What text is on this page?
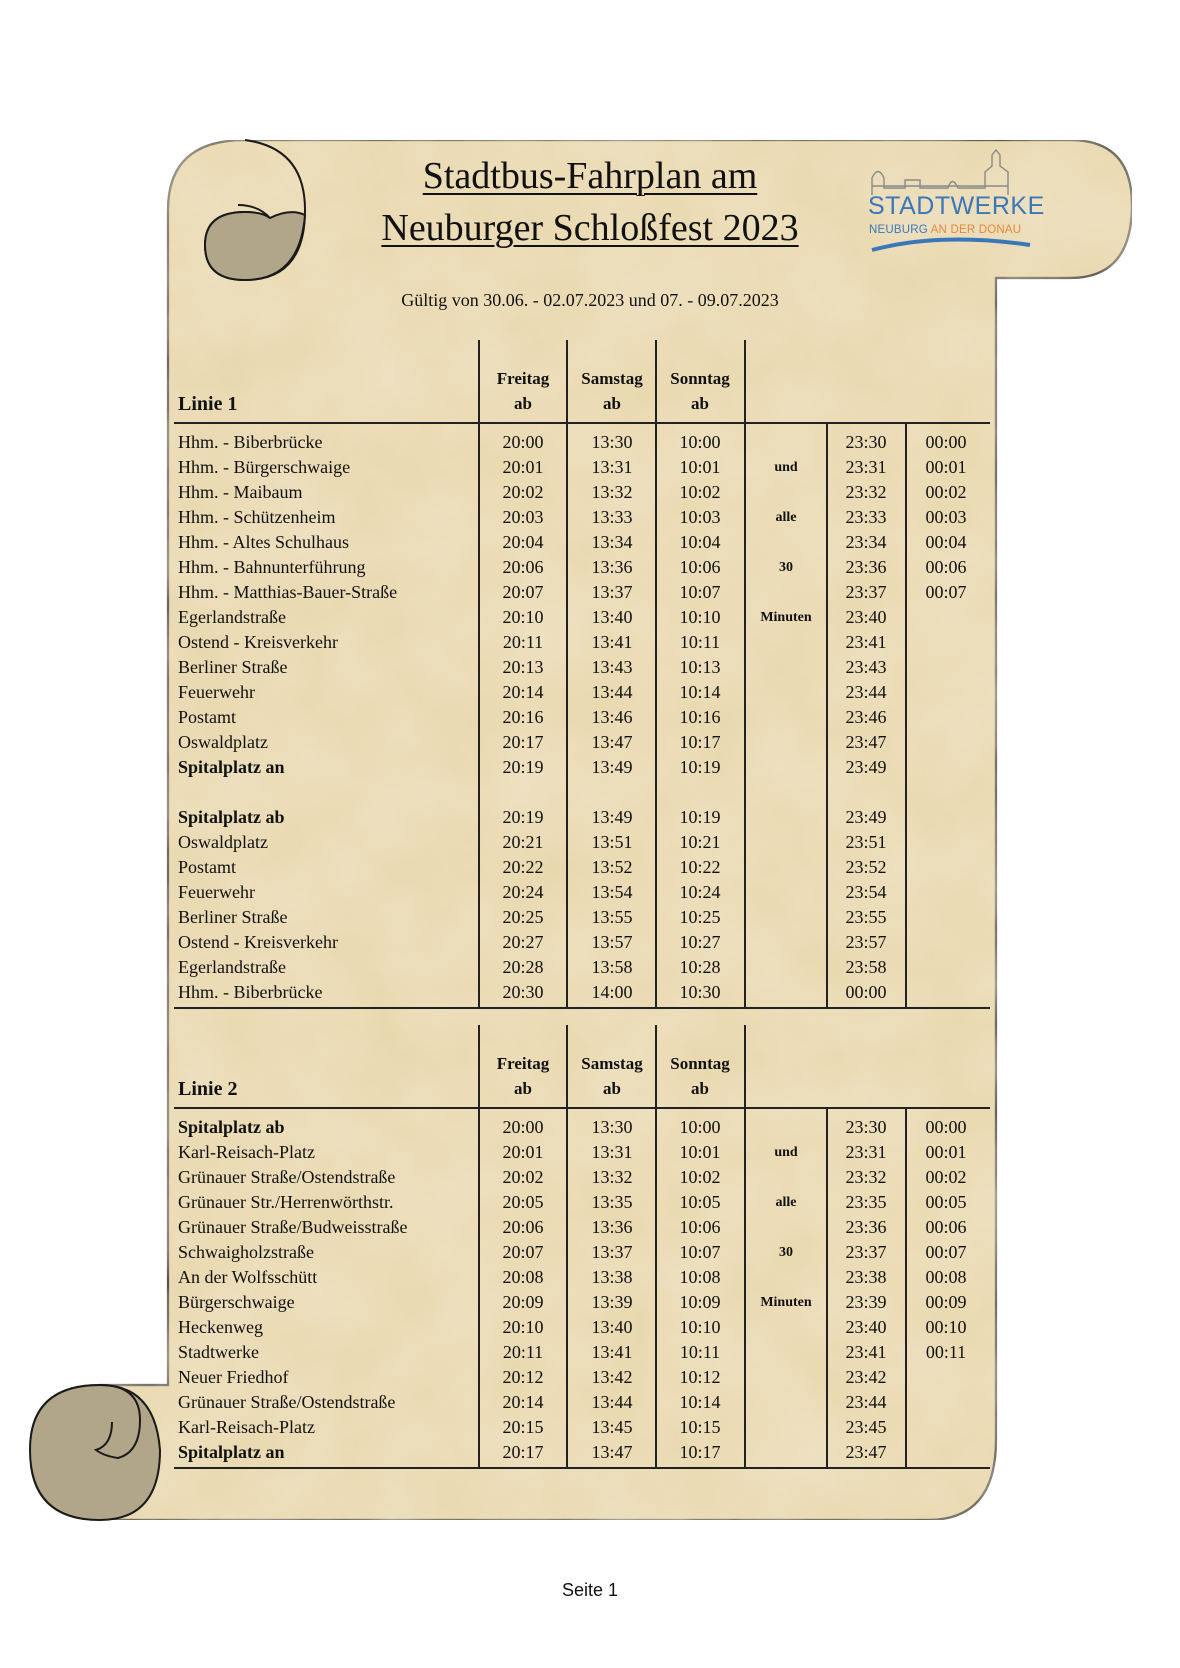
Stadtbus-Fahrplan am
Neuburger Schloßfest 2023
STADTWERKE
NEUBURG AN DER DONAU
Gültig von 30.06. - 02.07.2023 und 07. - 09.07.2023
Linie 1
Freitag
ab
Samstag
ab
Sonntag
ab
Hhm. - Biberbrücke	20:00	13:30	10:00	23:30	00:00
Hhm. - Bürgerschwaige	20:01	13:31	10:01	23:31	00:01
und
Hhm. - Maibaum	20:02	13:32	10:02	23:32	00:02
Hhm. - Schützenheim	20:03	13:33	10:03	23:33	00:03
alle
Hhm. - Altes Schulhaus	20:04	13:34	10:04	23:34	00:04
Hhm. - Bahnunterführung	20:06	13:36	10:06	23:36	00:06
30
Hhm. - Matthias-Bauer-Straße	20:07	13:37	10:07	23:37	00:07
Egerlandstraße	20:10	13:40	10:10	23:40
Minuten
Ostend - Kreisverkehr	20:11	13:41	10:11	23:41
Berliner Straße	20:13	13:43	10:13	23:43
Feuerwehr	20:14	13:44	10:14	23:44
Postamt	20:16	13:46	10:16	23:46
Oswaldplatz	20:17	13:47	10:17	23:47
Spitalplatz an	20:19	13:49	10:19	23:49
Spitalplatz ab	20:19	13:49	10:19	23:49
Oswaldplatz	20:21	13:51	10:21	23:51
Postamt	20:22	13:52	10:22	23:52
Feuerwehr	20:24	13:54	10:24	23:54
Berliner Straße	20:25	13:55	10:25	23:55
Ostend - Kreisverkehr	20:27	13:57	10:27	23:57
Egerlandstraße	20:28	13:58	10:28	23:58
Hhm. - Biberbrücke	20:30	14:00	10:30	00:00
Linie 2
Freitag
ab
Samstag
ab
Sonntag
ab
Spitalplatz ab	20:00	13:30	10:00	23:30	00:00
Karl-Reisach-Platz	20:01	13:31	10:01	23:31	00:01
und
Grünauer Straße/Ostendstraße	20:02	13:32	10:02	23:32	00:02
Grünauer Str./Herrenwörthstr.	20:05	13:35	10:05	23:35	00:05
alle
Grünauer Straße/Budweisstraße	20:06	13:36	10:06	23:36	00:06
Schwaigholzstraße	20:07	13:37	10:07	23:37	00:07
30
An der Wolfsschütt	20:08	13:38	10:08	23:38	00:08
Bürgerschwaige	20:09	13:39	10:09	23:39	00:09
Minuten
Heckenweg	20:10	13:40	10:10	23:40	00:10
Stadtwerke	20:11	13:41	10:11	23:41	00:11
Neuer Friedhof	20:12	13:42	10:12	23:42
Grünauer Straße/Ostendstraße	20:14	13:44	10:14	23:44
Karl-Reisach-Platz	20:15	13:45	10:15	23:45
Spitalplatz an	20:17	13:47	10:17	23:47
Seite 1
